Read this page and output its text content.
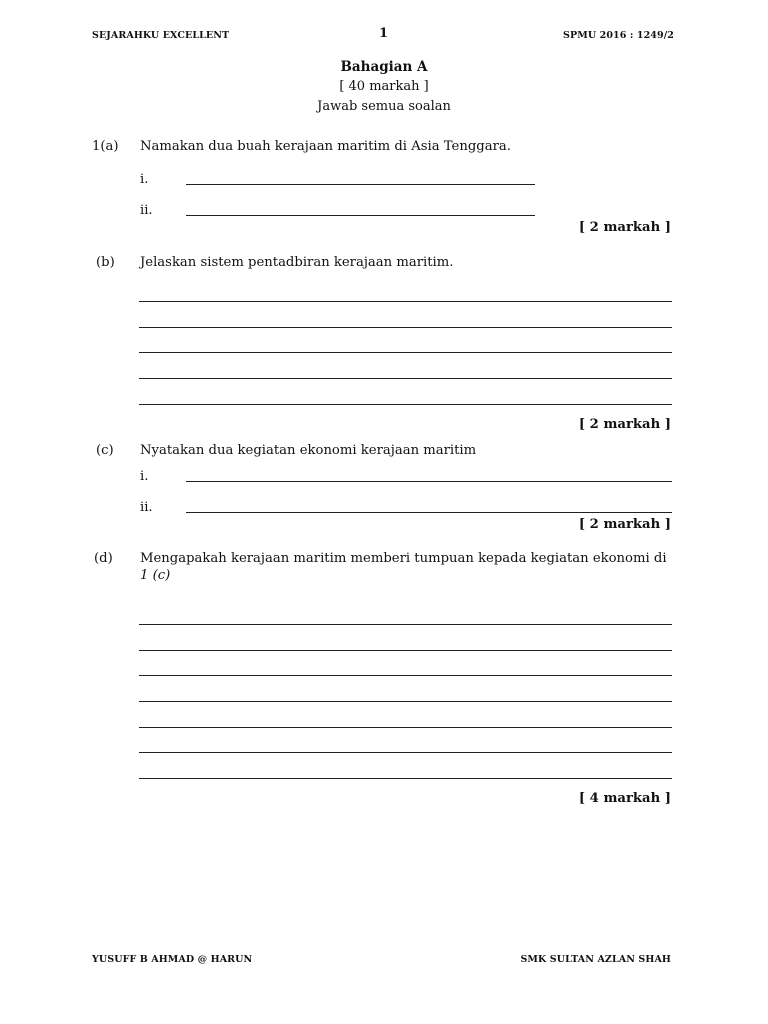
SEJARAHKU EXCELLENT	1	SPMU 2016 : 1249/2
Bahagian A
[ 40 markah ]
Jawab semua soalan
1(a) Namakan dua buah kerajaan maritim di Asia Tenggara.
i.
ii.
[ 2 markah ]
(b) Jelaskan sistem pentadbiran kerajaan maritim.
[ 2 markah ]
(c) Nyatakan dua kegiatan ekonomi kerajaan maritim
i.
ii.
[ 2 markah ]
(d) Mengapakah kerajaan maritim memberi tumpuan kepada kegiatan ekonomi di
1 (c)
[ 4 markah ]
YUSUFF B AHMAD @ HARUN	SMK SULTAN AZLAN SHAH
